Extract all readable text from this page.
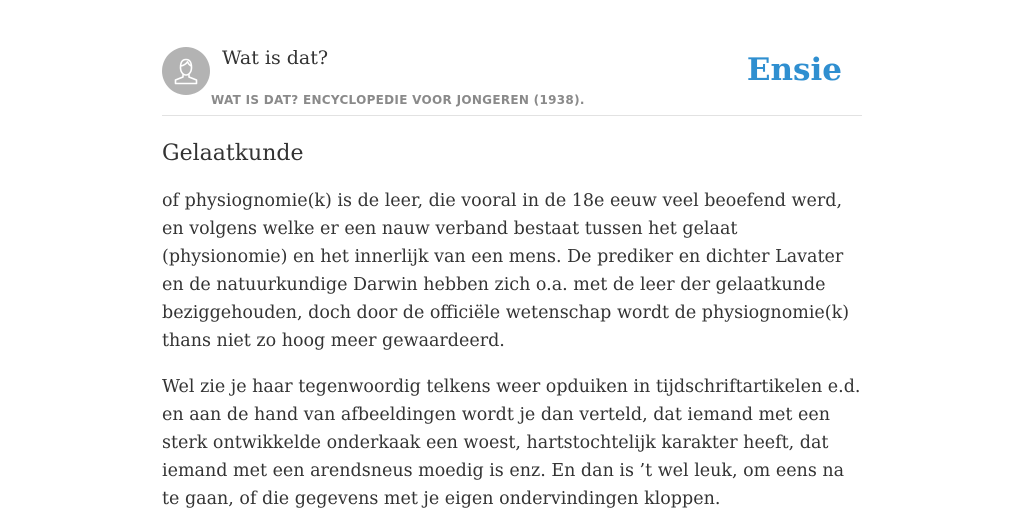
Wat is dat?
WAT IS DAT? ENCYCLOPEDIE VOOR JONGEREN (1938).
Ensie
Gelaatkunde

of physiognomie(k) is de leer, die vooral in de 18e eeuw veel beoefend werd, en volgens welke er een nauw verband bestaat tussen het gelaat (physionomie) en het innerlijk van een mens. De prediker en dichter Lavater en de natuurkundige Darwin hebben zich o.a. met de leer der gelaatkunde beziggehouden, doch door de officiële wetenschap wordt de physiognomie(k) thans niet zo hoog meer gewaardeerd.

Wel zie je haar tegenwoordig telkens weer opduiken in tijdschriftartikelen e.d. en aan de hand van afbeeldingen wordt je dan verteld, dat iemand met een sterk ontwikkelde onderkaak een woest, hartstochtelijk karakter heeft, dat iemand met een arendsneus moedig is enz. En dan is ’t wel leuk, om eens na te gaan, of die gegevens met je eigen ondervindingen kloppen.
